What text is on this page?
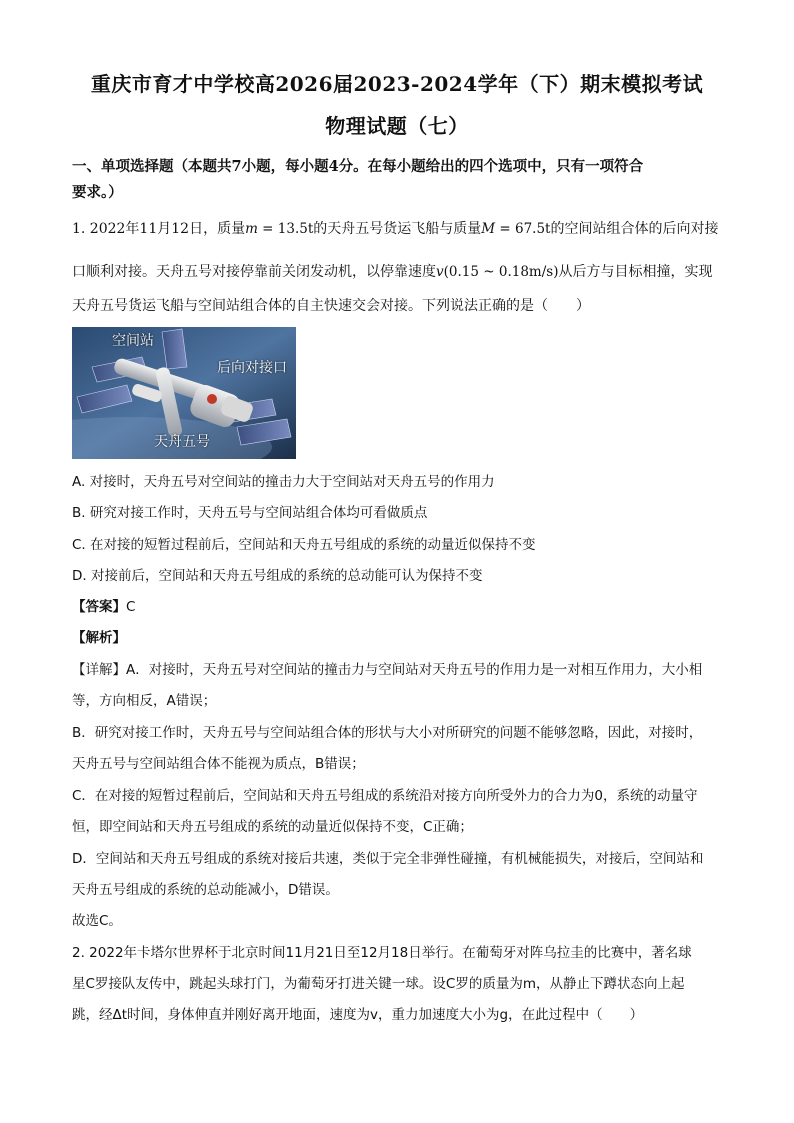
重庆市育才中学校高2026届2023-2024学年（下）期末模拟考试
物理试题（七）
一、单项选择题（本题共7小题，每小题4分。在每小题给出的四个选项中，只有一项符合
要求。）
1. 2022年11月12日，质量m = 13.5t的天舟五号货运飞船与质量M = 67.5t的空间站组合体的后向对接
口顺利对接。天舟五号对接停靠前关闭发动机，以停靠速度v(0.15 ~ 0.18m/s)从后方与目标相撞，实现
天舟五号货运飞船与空间站组合体的自主快速交会对接。下列说法正确的是（　　）
空间站
后向对接口
天舟五号
A. 对接时，天舟五号对空间站的撞击力大于空间站对天舟五号的作用力
B. 研究对接工作时，天舟五号与空间站组合体均可看做质点
C. 在对接的短暂过程前后，空间站和天舟五号组成的系统的动量近似保持不变
D. 对接前后，空间站和天舟五号组成的系统的总动能可认为保持不变
【答案】C
【解析】
【详解】A．对接时，天舟五号对空间站的撞击力与空间站对天舟五号的作用力是一对相互作用力，大小相
等，方向相反，A错误；
B．研究对接工作时，天舟五号与空间站组合体的形状与大小对所研究的问题不能够忽略，因此，对接时，
天舟五号与空间站组合体不能视为质点，B错误；
C．在对接的短暂过程前后，空间站和天舟五号组成的系统沿对接方向所受外力的合力为0，系统的动量守
恒，即空间站和天舟五号组成的系统的动量近似保持不变，C正确；
D．空间站和天舟五号组成的系统对接后共速，类似于完全非弹性碰撞，有机械能损失，对接后，空间站和
天舟五号组成的系统的总动能减小，D错误。
故选C。
2. 2022年卡塔尔世界杯于北京时间11月21日至12月18日举行。在葡萄牙对阵乌拉圭的比赛中，著名球
星C罗接队友传中，跳起头球打门，为葡萄牙打进关键一球。设C罗的质量为m，从静止下蹲状态向上起
跳，经Δt时间，身体伸直并刚好离开地面，速度为v，重力加速度大小为g，在此过程中（　　）
